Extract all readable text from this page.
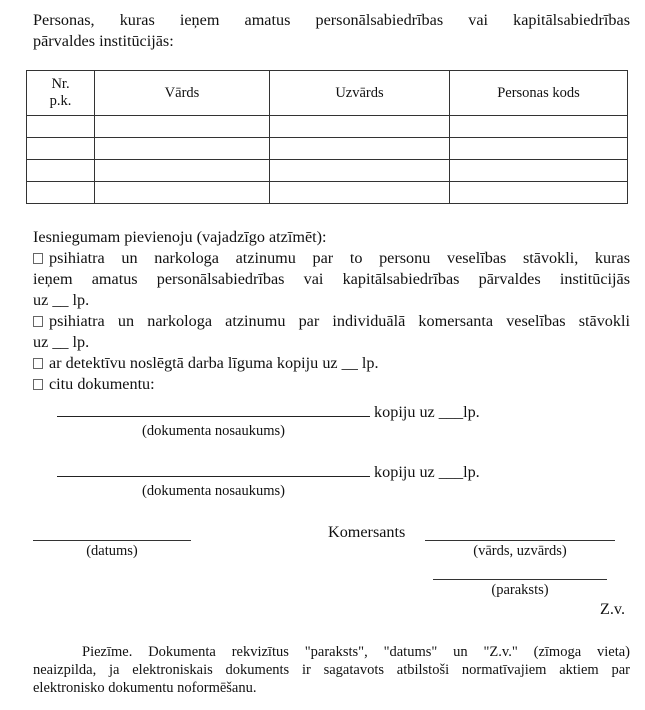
Personas, kuras ieņem amatus personālsabiedrības vai kapitālsabiedrības
pārvaldes institūcijās:
Nr.
p.k.	Vārds	Uzvārds	Personas kods

Iesniegumam pievienoju (vajadzīgo atzīmēt):
psihiatra un narkologa atzinumu par to personu veselības stāvokli, kuras
ieņem amatus personālsabiedrības vai kapitālsabiedrības pārvaldes institūcijās
uz __ lp.
psihiatra un narkologa atzinumu par individuālā komersanta veselības stāvokli
uz __ lp.
ar detektīvu noslēgtā darba līguma kopiju uz __ lp.
citu dokumentu:
kopiju uz ___lp.
(dokumenta nosaukums)
kopiju uz ___lp.
(dokumenta nosaukums)
(datums)
Komersants
(vārds, uzvārds)
(paraksts)
Z.v.
Piezīme. Dokumenta rekvizītus "paraksts", "datums" un "Z.v." (zīmoga vieta)
neaizpilda, ja elektroniskais dokuments ir sagatavots atbilstoši normatīvajiem aktiem par
elektronisko dokumentu noformēšanu.
